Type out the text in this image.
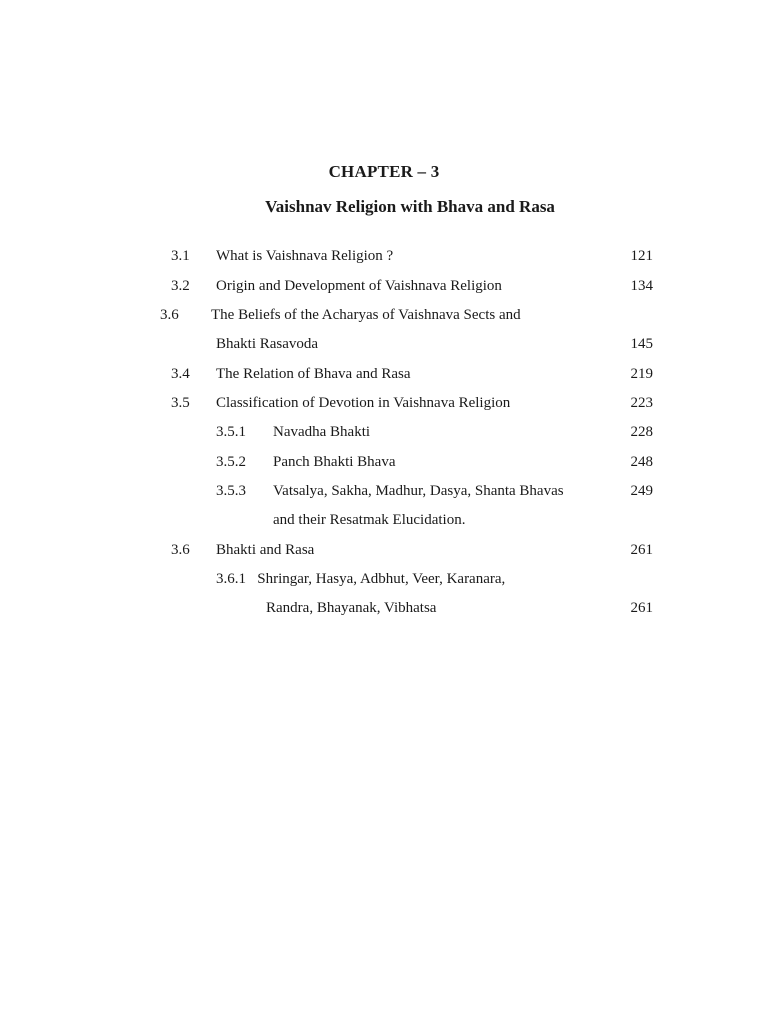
CHAPTER – 3
Vaishnav Religion with Bhava and Rasa
3.1 What is Vaishnava Religion ?	121
3.2 Origin and Development of Vaishnava Religion	134
3.6 The Beliefs of the Acharyas of Vaishnava Sects and
Bhakti Rasavoda	145
3.4 The Relation of Bhava and Rasa	219
3.5 Classification of Devotion in Vaishnava Religion	223
3.5.1 Navadha Bhakti	228
3.5.2 Panch Bhakti Bhava	248
3.5.3 Vatsalya, Sakha, Madhur, Dasya, Shanta Bhavas	249
and their Resatmak Elucidation.
3.6 Bhakti and Rasa	261
3.6.1   Shringar, Hasya, Adbhut, Veer, Karanara,
Randra, Bhayanak, Vibhatsa	261
